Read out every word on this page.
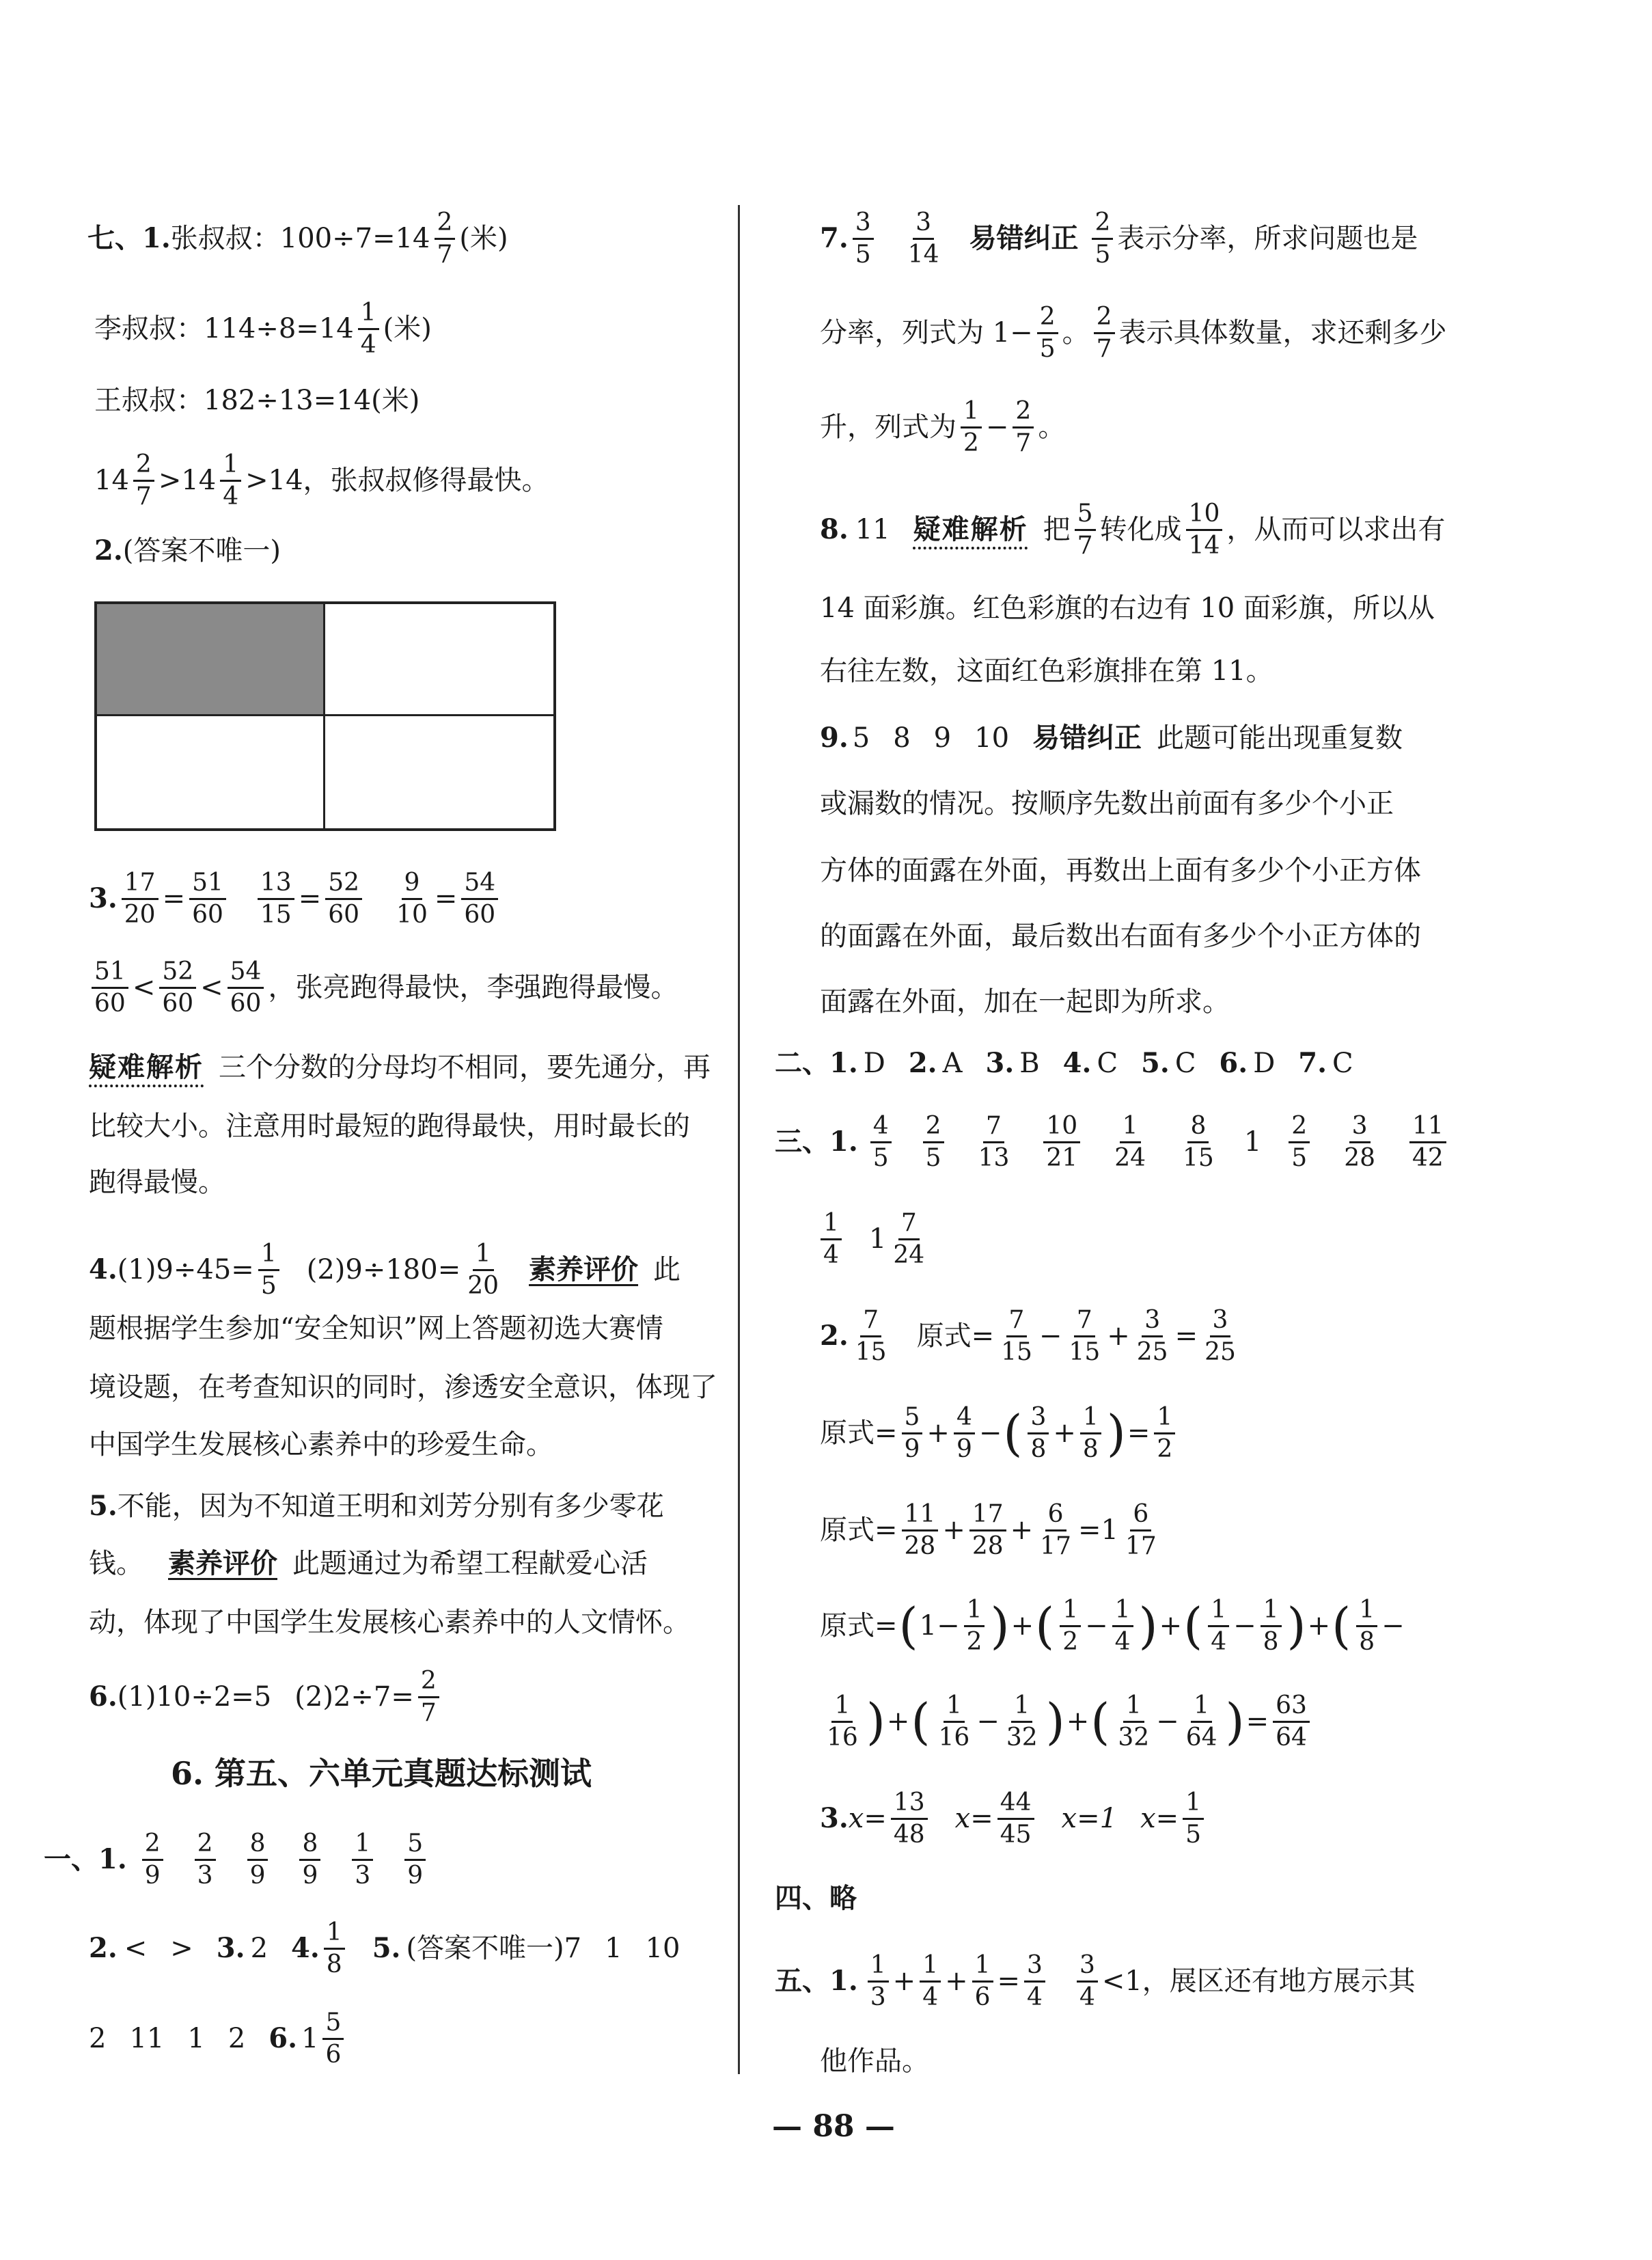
七、1. 张叔叔：100÷7=14
2
7 (米)
李叔叔：114÷8=14
1
4 (米)
王叔叔：182÷13=14(米)
14
2
7 >14
1
4 >14，张叔叔修得最快。
2. (答案不唯一)
3. $\frac{17}{20} = \frac{51}{60} \frac{13}{15} = \frac{52}{60} \frac{9}{10} = \frac{54}{60}$
51
60 <
52
60 <
54
60 ，张亮跑得最快，李强跑得最慢。
疑难解析 三个分数的分母均不相同，要先通分，再
比较大小。注意用时最短的跑得最快，用时最长的
跑得最慢。
4. $(1)9\div 45= \frac{1}{5} (2)9\div 180= \frac{1}{20}$ 素养评价 此
题根据学生参加“安全知识”网上答题初选大赛情
境设题，在考查知识的同时，渗透安全意识，体现了
中国学生发展核心素养中的珍爱生命。
5. 不能，因为不知道王明和刘芳分别有多少零花
钱。 素养评价 此题通过为希望工程献爱心活
动，体现了中国学生发展核心素养中的人文情怀。
6. (1)10÷2=5 $(2)2\div 7= \frac{2}{7}$
6. 第五、六单元真题达标测试
一、1. 2
9
2
3
8
9
8
9
1
3
5
9
2. < > 3. 2 4. 1
8 5. (答案不唯一)7 1 10
2 11 1 2 6. 1
5
6
7. 3
5
3
14 易错纠正 2
5 表示分率，所求问题也是
分率，列式为 $1- \frac{2}{5}$ 。
2
7 表示具体数量，求还剩多少
升，列式为
1
$2 - \frac{2}{7}$ 。
8. 11 疑难解析 把
5
7 转化成
10
14 ，从而可以求出有
14 面彩旗。红色彩旗的右边有 10 面彩旗，所以从
右往左数，这面红色彩旗排在第 11。
9. 5 8 9 10 易错纠正 此题可能出现重复数
或漏数的情况。按顺序先数出前面有多少个小正
方体的面露在外面，再数出上面有多少个小正方体
的面露在外面，最后数出右面有多少个小正方体的
面露在外面，加在一起即为所求。
二、 1. D 2. A 3. B 4. C 5. C 6. D 7. C
三、1. 4
5
2
5
7
13
10
21
1
24
8
15 1
2
5
3
28
11
42
1
4 1
7
24
2. 7
15 原式= $\frac{7}{15} - \frac{7}{15} + \frac{3}{25} = \frac{3}{25}$
原式= $\frac{5}{9} + \frac{4}{9}$ − ( 3
$8 + \frac{1}{8}$ ) = $\frac{1}{2}$
原式= $\frac{11}{28} + \frac{17}{28} + \frac{6}{17} = 1$
6
17
原式= ( $1 - \frac{1}{2}$ ) + ( 1
$2 - \frac{1}{4}$ ) + ( 1
$4 - \frac{1}{8}$ ) + ( 1
8 −
1
16 ) + ( 1
$16 - \frac{1}{32}$ ) + ( 1
$32 - \frac{1}{64}$ ) = $\frac{63}{64}$
3. $x= \frac{13}{48} x= \frac{44}{45} x=1$ $x= \frac{1}{5}$
四、 略
五、1. 1
$3 + \frac{1}{4} + \frac{1}{6} = \frac{3}{4} 3$
4 <1，展区还有地方展示其
他作品。
— 88 —
